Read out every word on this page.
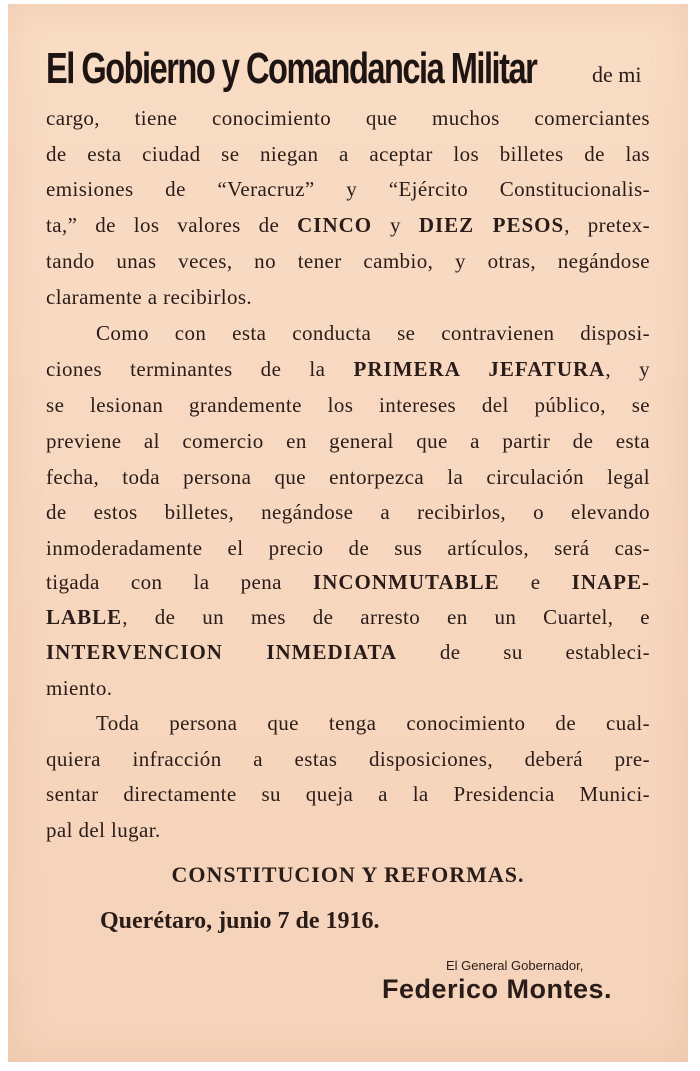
El Gobierno y Comandancia Militar	de mi
cargo, tiene conocimiento que muchos comerciantes
de esta ciudad se niegan a aceptar los billetes de las
emisiones de “Veracruz” y “Ejército Constitucionalis-
ta,” de los valores de CINCO y DIEZ PESOS, pretex-
tando unas veces, no tener cambio, y otras, negándose
claramente a recibirlos.
Como con esta conducta se contravienen disposi-
ciones terminantes de la PRIMERA JEFATURA, y
se lesionan grandemente los intereses del público, se
previene al comercio en general que a partir de esta
fecha, toda persona que entorpezca la circulación legal
de estos billetes, negándose a recibirlos, o elevando
inmoderadamente el precio de sus artículos, será cas-
tigada con la pena INCONMUTABLE e INAPE-
LABLE, de un mes de arresto en un Cuartel, e
INTERVENCION INMEDIATA de su estableci-
miento.
Toda persona que tenga conocimiento de cual-
quiera infracción a estas disposiciones, deberá pre-
sentar directamente su queja a la Presidencia Munici-
pal del lugar.
CONSTITUCION Y REFORMAS.
Querétaro, junio 7 de 1916.
El General Gobernador,
Federico Montes.
